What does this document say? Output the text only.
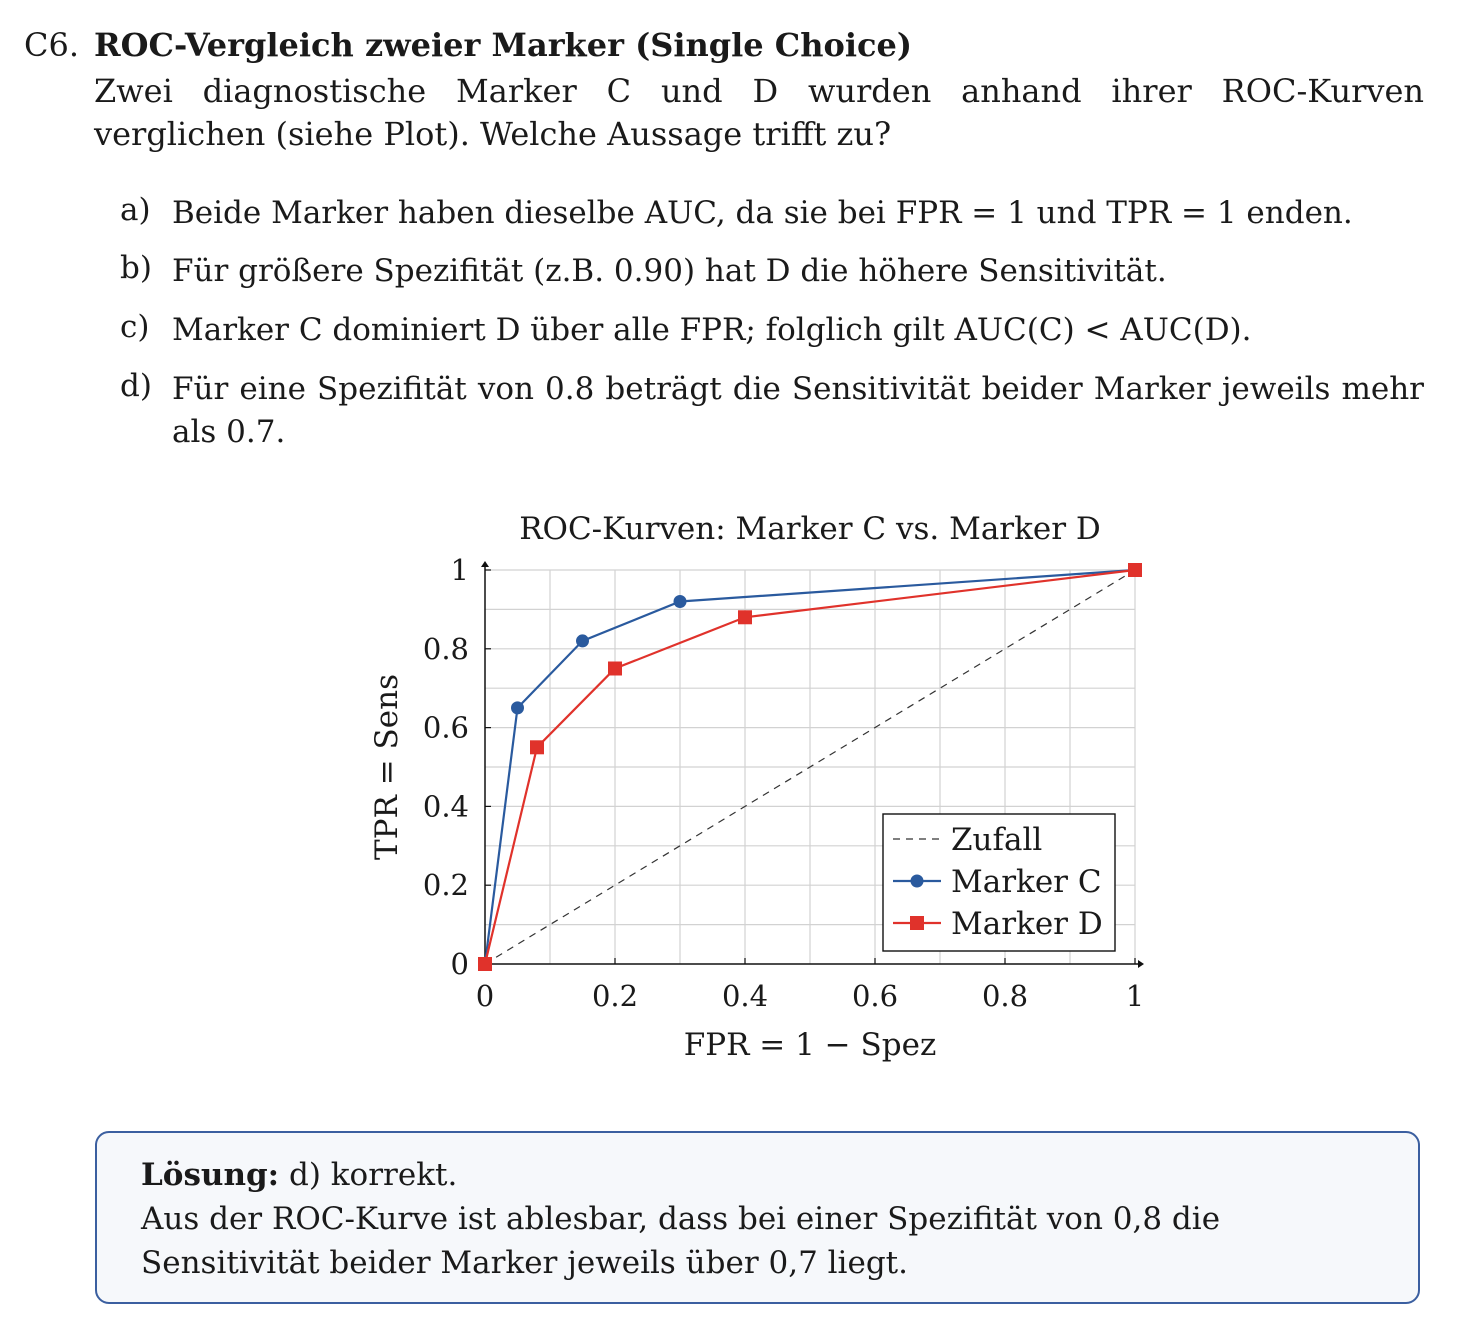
C6. ROC-Vergleich zweier Marker (Single Choice)
Zwei diagnostische Marker C und D wurden anhand ihrer ROC-Kurven verglichen (siehe Plot). Welche Aussage trifft zu?
a) Beide Marker haben dieselbe AUC, da sie bei FPR = 1 und TPR = 1 enden.
b) Für größere Spezifität (z.B. 0.90) hat D die höhere Sensitivität.
c) Marker C dominiert D über alle FPR; folglich gilt AUC(C) < AUC(D).
d) Für eine Spezifität von 0.8 beträgt die Sensitivität beider Marker jeweils mehr als 0.7.
0	0.2	0.4	0.6	0.8	1
0
0.2
0.4
0.6
0.8
1
Zufall
Marker C
Marker D
ROC-Kurven: Marker C vs. Marker D
FPR = 1 − Spez
TPR = Sens
Lösung: d) korrekt.
Aus der ROC-Kurve ist ablesbar, dass bei einer Spezifität von 0,8 die Sensitivität beider Marker jeweils über 0,7 liegt.
